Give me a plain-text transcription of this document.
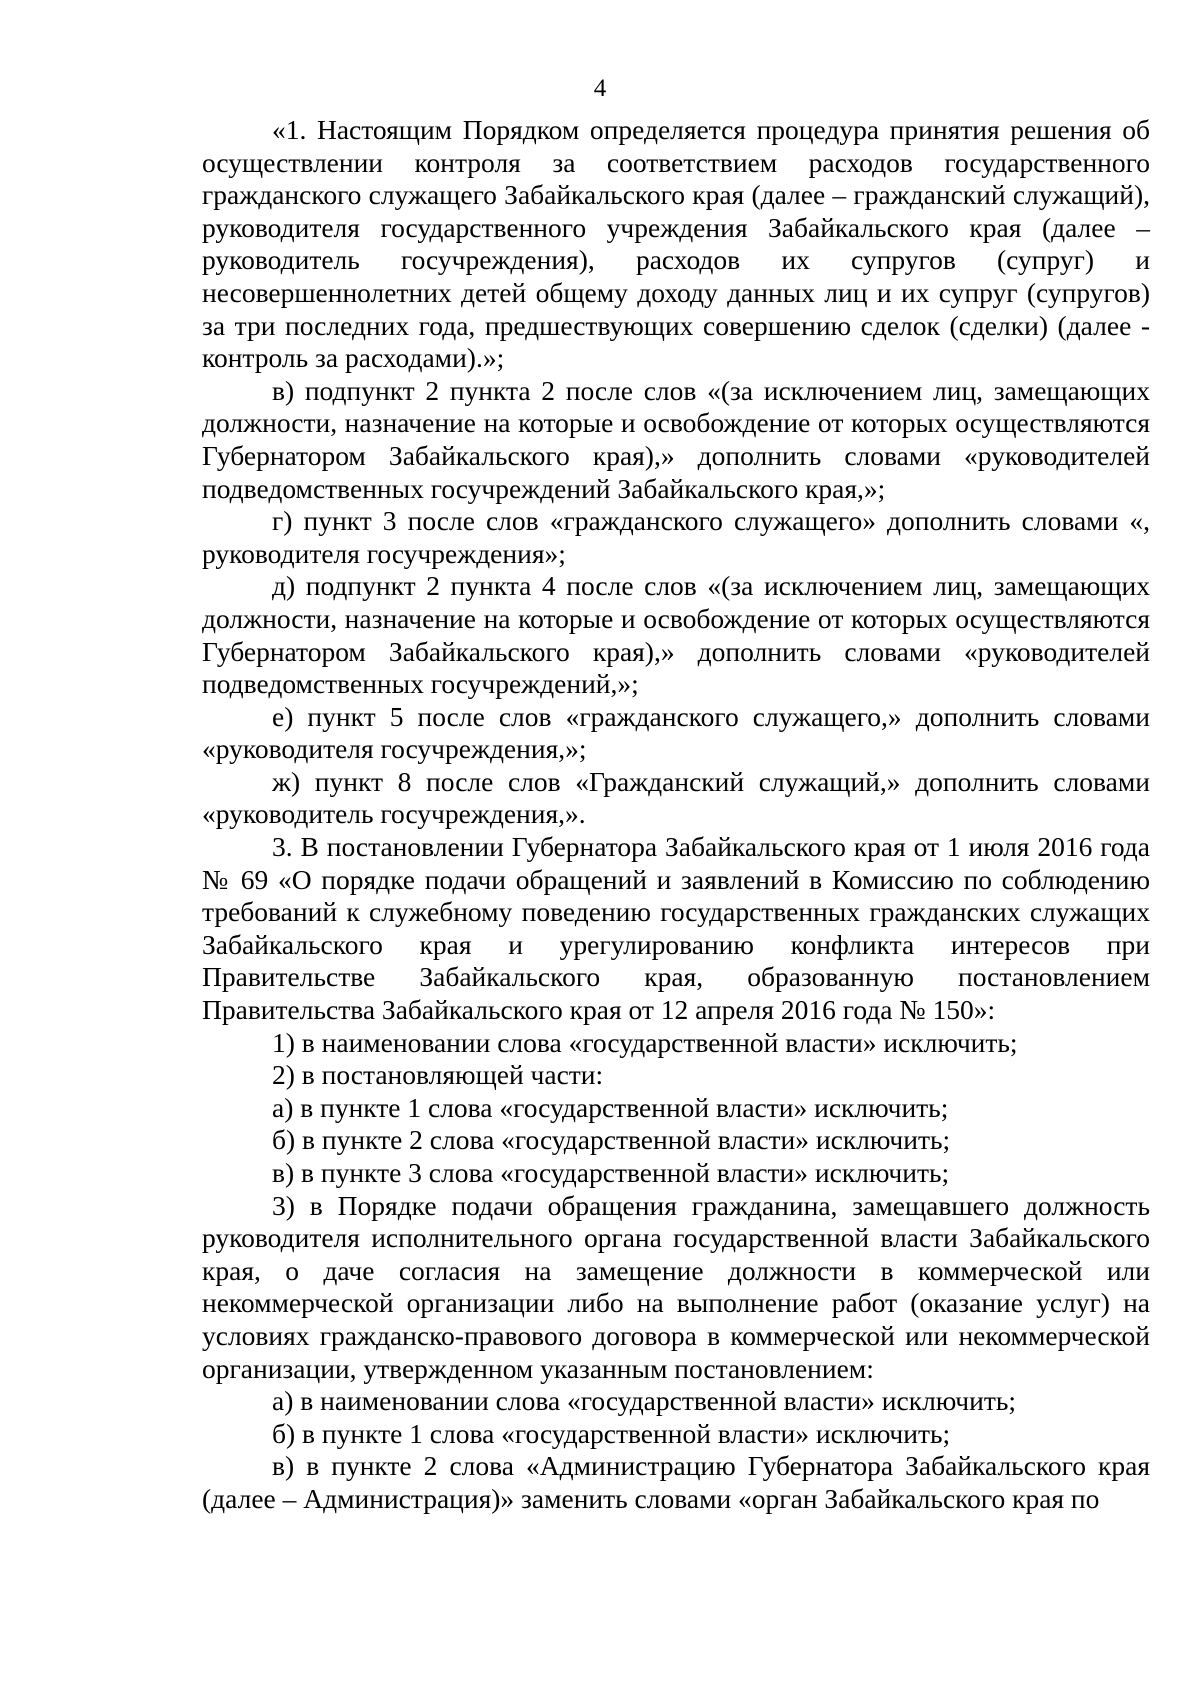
4

«1. Настоящим Порядком определяется процедура принятия решения об осуществлении контроля за соответствием расходов государственного гражданского служащего Забайкальского края (далее – гражданский служащий), руководителя государственного учреждения Забайкальского края (далее – руководитель госучреждения), расходов их супругов (супруг) и несовершеннолетних детей общему доходу данных лиц и их супруг (супругов) за три последних года, предшествующих совершению сделок (сделки) (далее - контроль за расходами).»;

в) подпункт 2 пункта 2 после слов «(за исключением лиц, замещающих должности, назначение на которые и освобождение от которых осуществляются Губернатором Забайкальского края),» дополнить словами «руководителей подведомственных госучреждений Забайкальского края,»;

г) пункт 3 после слов «гражданского служащего» дополнить словами «, руководителя госучреждения»;

д) подпункт 2 пункта 4 после слов «(за исключением лиц, замещающих должности, назначение на которые и освобождение от которых осуществляются Губернатором Забайкальского края),» дополнить словами «руководителей подведомственных госучреждений,»;

е) пункт 5 после слов «гражданского служащего,» дополнить словами «руководителя госучреждения,»;

ж) пункт 8 после слов «Гражданский служащий,» дополнить словами «руководитель госучреждения,».

3. В постановлении Губернатора Забайкальского края от 1 июля 2016 года № 69 «О порядке подачи обращений и заявлений в Комиссию по соблюдению требований к служебному поведению государственных гражданских служащих Забайкальского края и урегулированию конфликта интересов при Правительстве Забайкальского края, образованную постановлением Правительства Забайкальского края от 12 апреля 2016 года № 150»:

1) в наименовании слова «государственной власти» исключить;

2) в постановляющей части:

а) в пункте 1 слова «государственной власти» исключить;

б) в пункте 2 слова «государственной власти» исключить;

в) в пункте 3 слова «государственной власти» исключить;

3) в Порядке подачи обращения гражданина, замещавшего должность руководителя исполнительного органа государственной власти Забайкальского края, о даче согласия на замещение должности в коммерческой или некоммерческой организации либо на выполнение работ (оказание услуг) на условиях гражданско-правового договора в коммерческой или некоммерческой организации, утвержденном указанным постановлением:

а) в наименовании слова «государственной власти» исключить;

б) в пункте 1 слова «государственной власти» исключить;

в) в пункте 2 слова «Администрацию Губернатора Забайкальского края (далее – Администрация)» заменить словами «орган Забайкальского края по
